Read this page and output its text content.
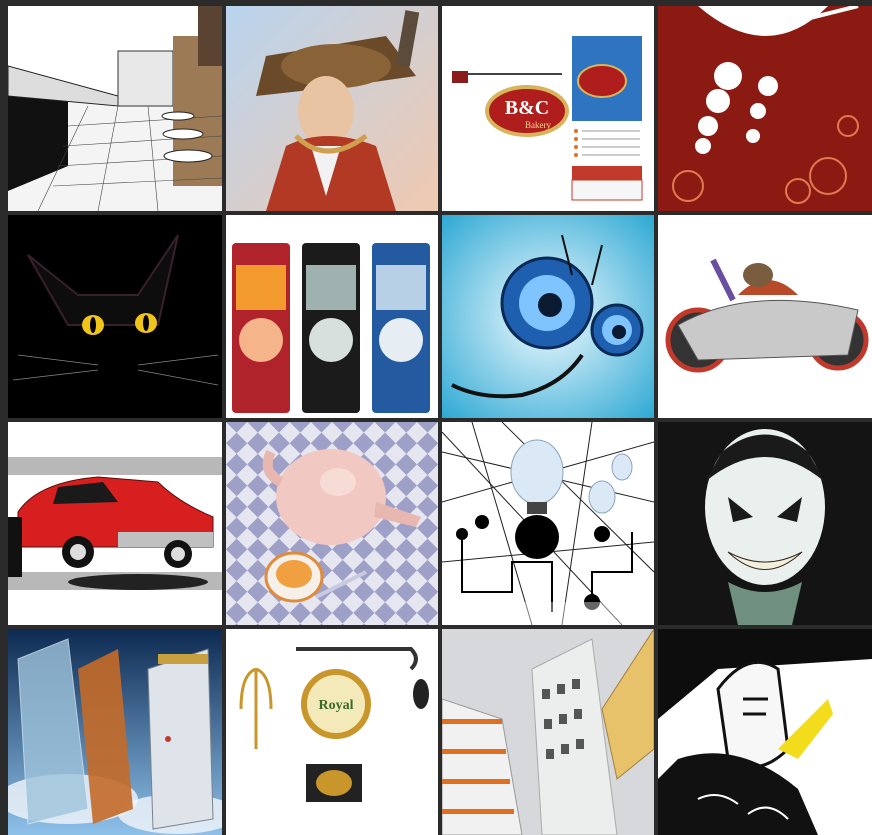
B&C
Bakery
Royal
